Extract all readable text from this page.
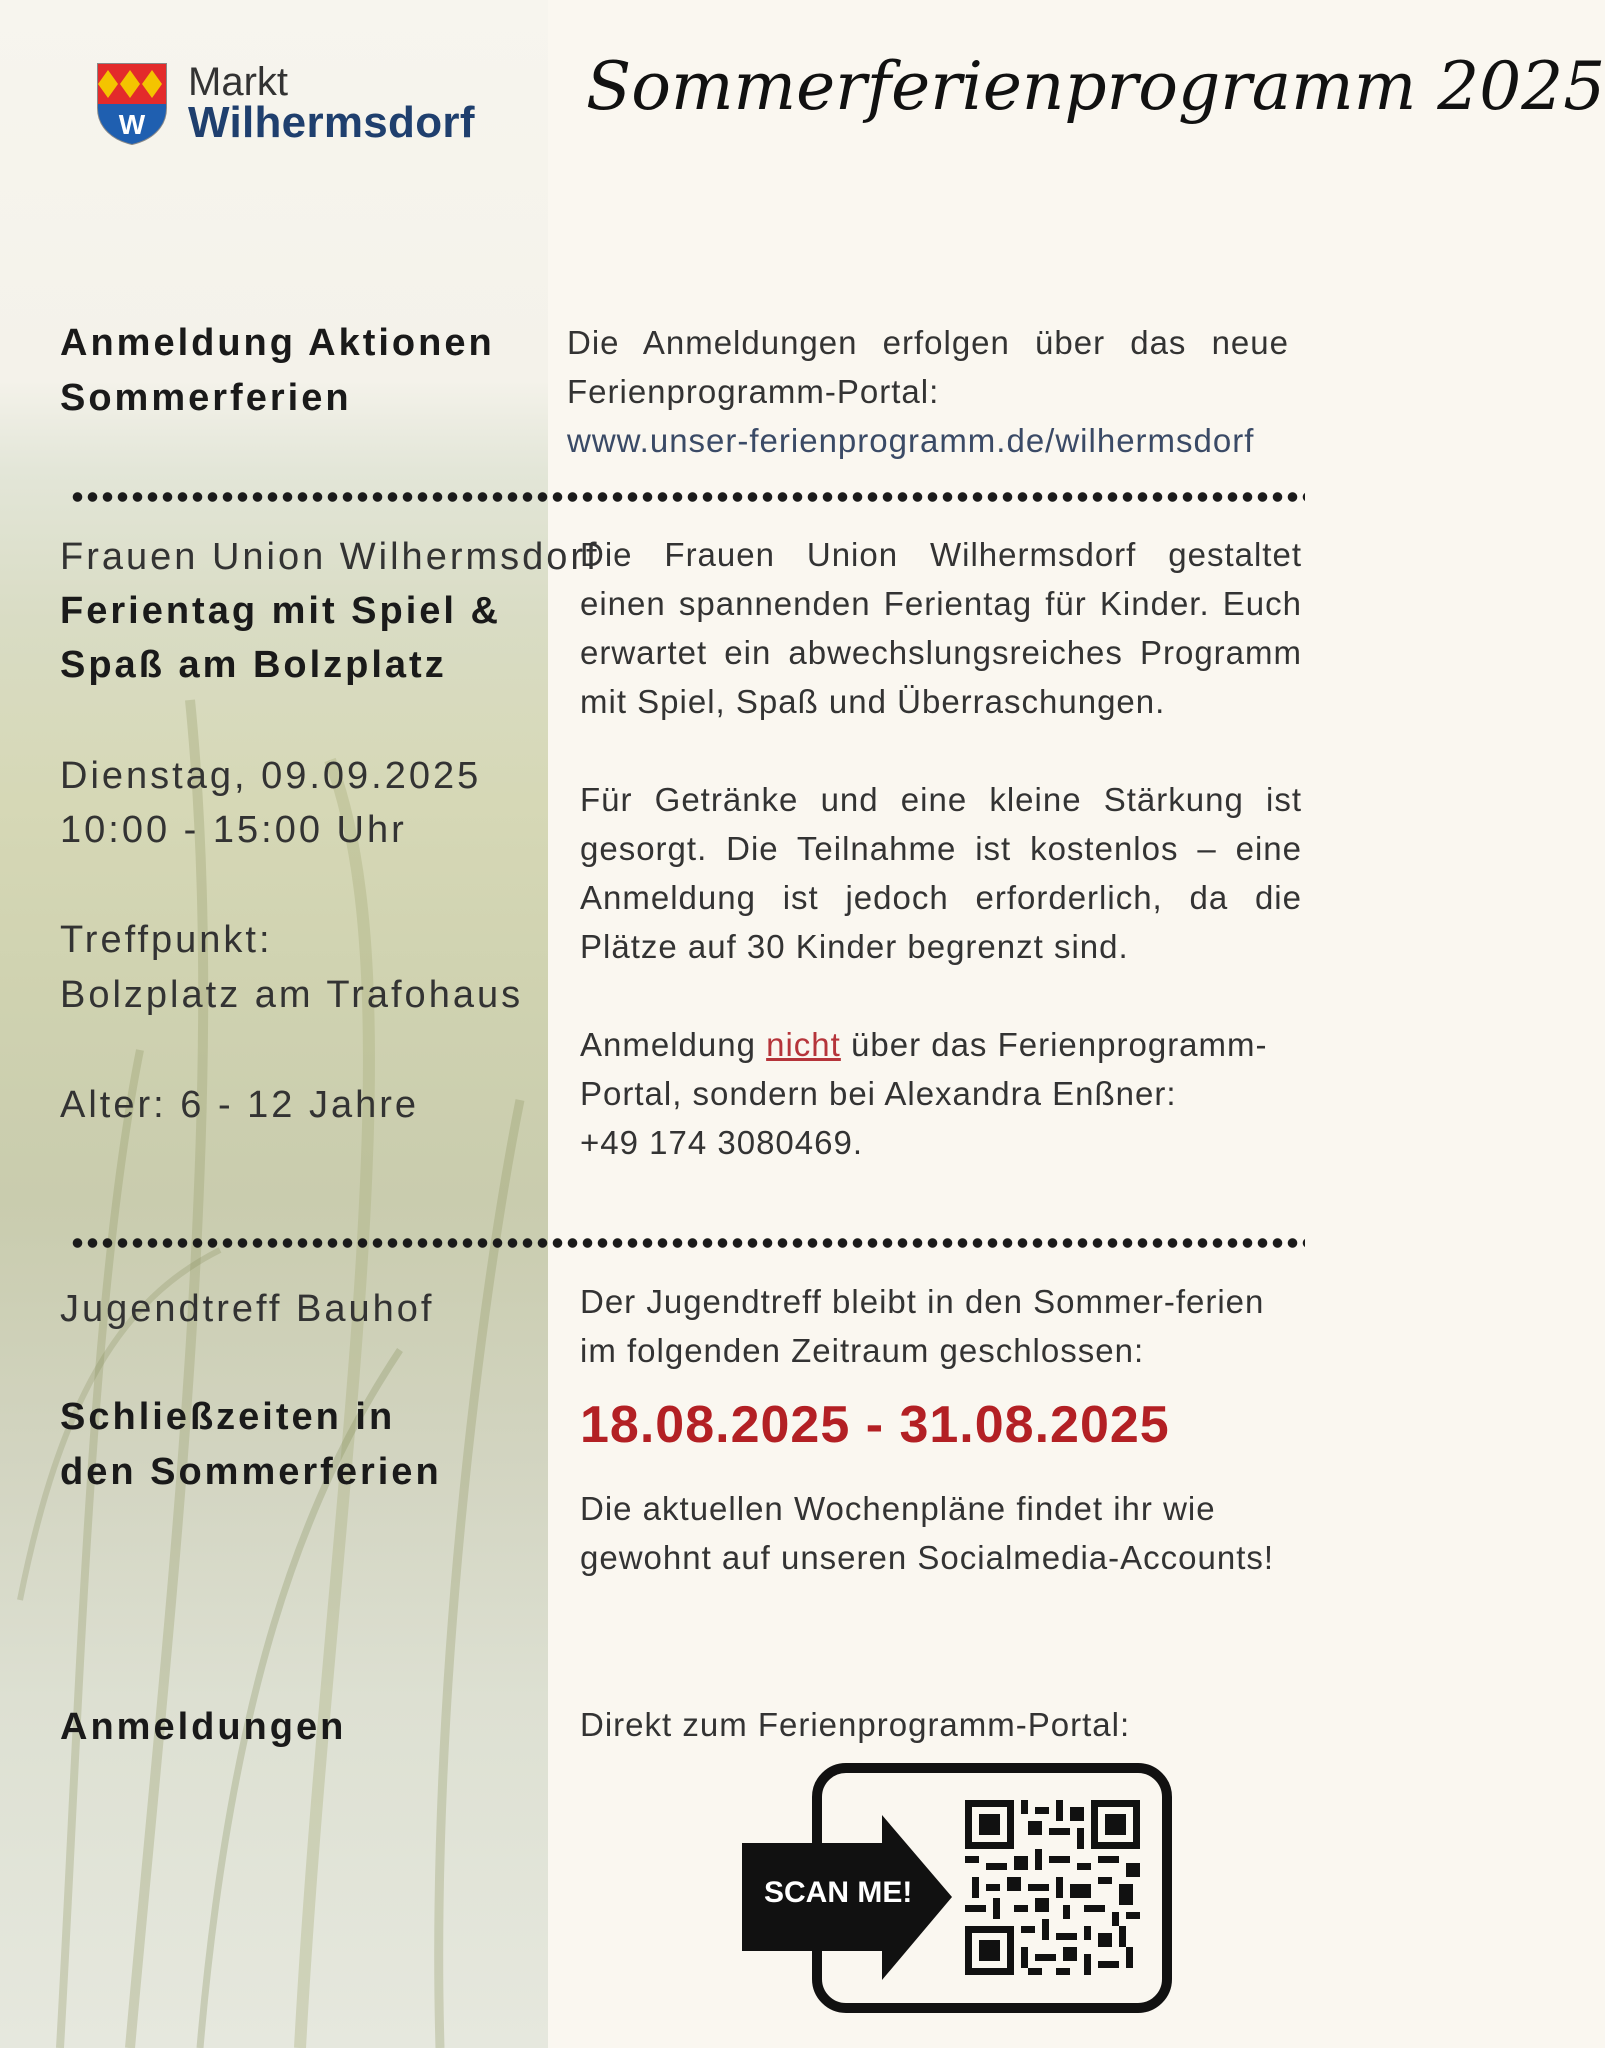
W
Markt
Wilhermsdorf Sommerferienprogramm 2025
Anmeldung Aktionen
Sommerferien

Die Anmeldungen erfolgen über das neue Ferienprogramm-Portal:

www.unser-ferienprogramm.de/wilhermsdorf

Frauen Union Wilhermsdorf
Ferientag mit Spiel &
Spaß am Bolzplatz
Dienstag, 09.09.2025
10:00 - 15:00 Uhr
Treffpunkt:
Bolzplatz am Trafohaus
Alter: 6 - 12 Jahre

Die Frauen Union Wilhermsdorf gestaltet einen spannenden Ferientag für Kinder. Euch erwartet ein abwechslungsreiches Programm mit Spiel, Spaß und Überraschungen.

Für Getränke und eine kleine Stärkung ist gesorgt. Die Teilnahme ist kostenlos – eine Anmeldung ist jedoch erforderlich, da die Plätze auf 30 Kinder begrenzt sind.

Anmeldung nicht über das Ferienprogramm-

Portal, sondern bei Alexandra Enßner:

+49 174 3080469.

Jugendtreff Bauhof
Schließzeiten in
den Sommerferien
Der Jugendtreff bleibt in den Sommer-ferien im folgenden Zeitraum geschlossen:
18.08.2025 - 31.08.2025
Die aktuellen Wochenpläne findet ihr wie gewohnt auf unseren Socialmedia-Accounts!
Anmeldungen	Direkt zum Ferienprogramm-Portal:
SCAN ME!
